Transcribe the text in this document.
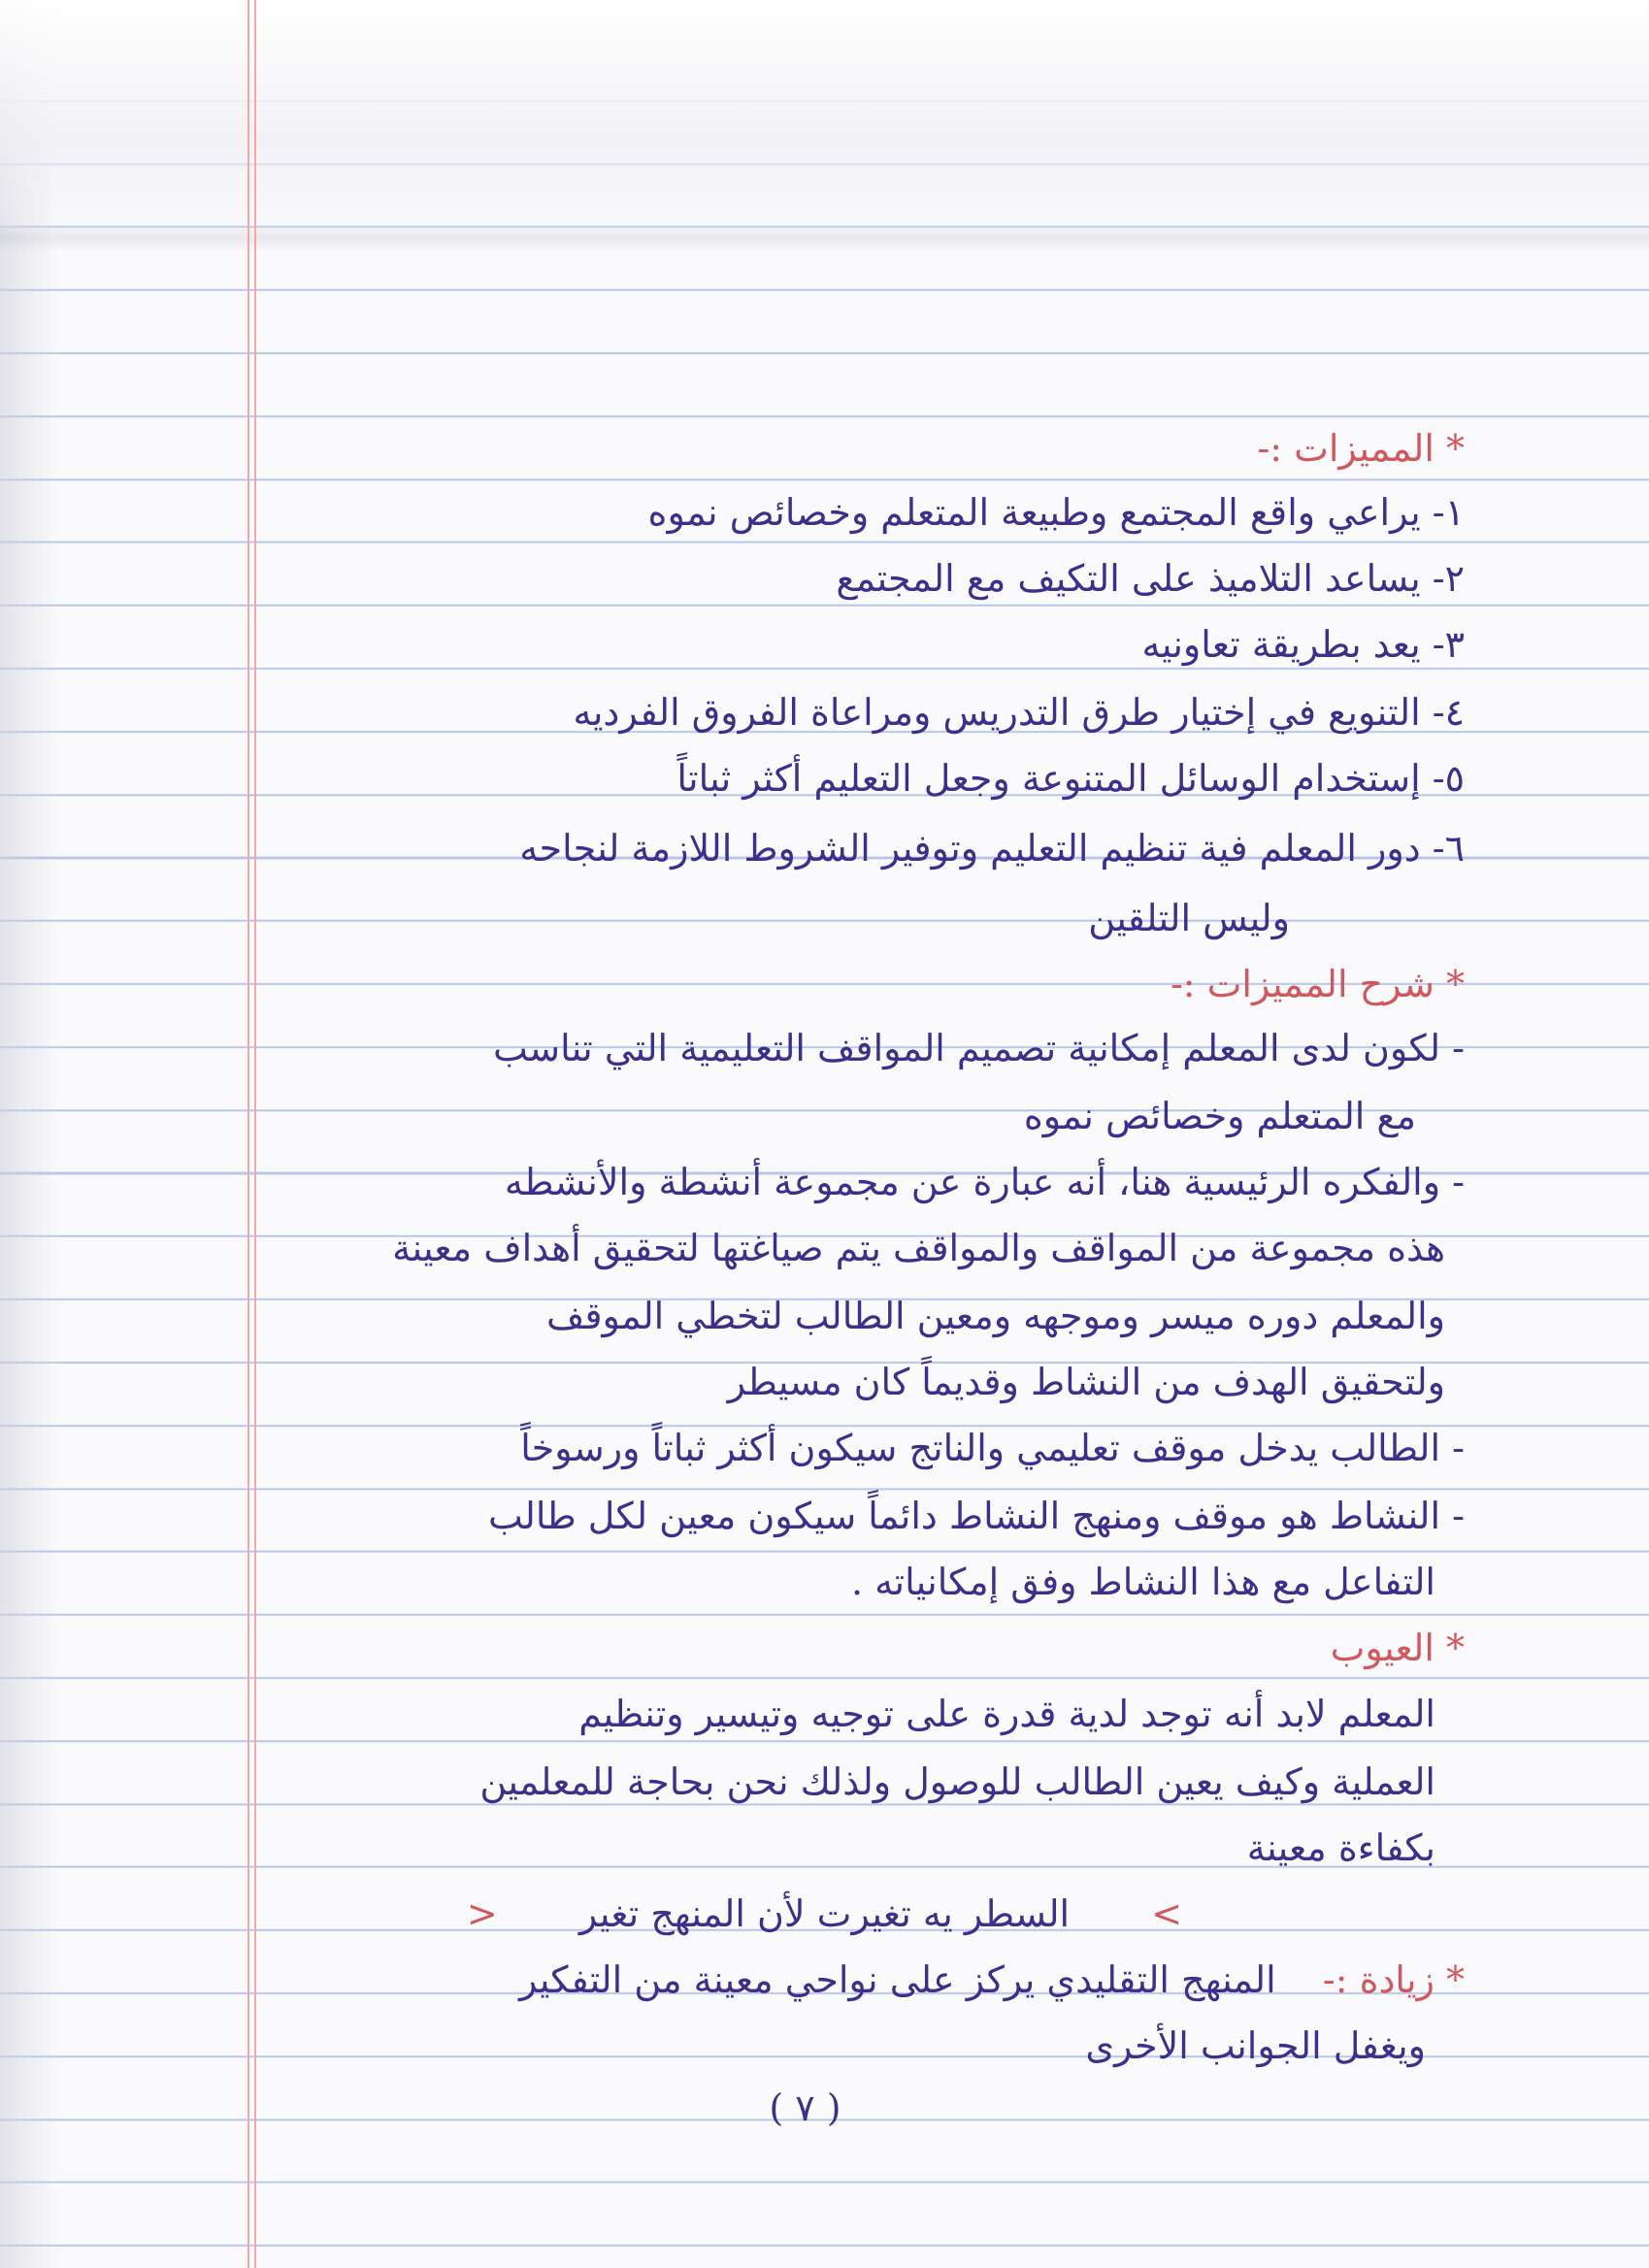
* المميزات :-
١- يراعي واقع المجتمع وطبيعة المتعلم وخصائص نموه
٢- يساعد التلاميذ على التكيف مع المجتمع
٣- يعد بطريقة تعاونيه
٤- التنويع في إختيار طرق التدريس ومراعاة الفروق الفرديه
٥- إستخدام الوسائل المتنوعة وجعل التعليم أكثر ثباتاً
٦- دور المعلم فية تنظيم التعليم وتوفير الشروط اللازمة لنجاحه
وليس التلقين
* شرح المميزات :-
- لكون لدى المعلم إمكانية تصميم المواقف التعليمية التي تناسب
مع المتعلم وخصائص نموه
- والفكره الرئيسية هنا، أنه عبارة عن مجموعة أنشطة والأنشطه
هذه مجموعة من المواقف والمواقف يتم صياغتها لتحقيق أهداف معينة
والمعلم دوره ميسر وموجهه ومعين الطالب لتخطي الموقف
ولتحقيق الهدف من النشاط وقديماً كان مسيطر
- الطالب يدخل موقف تعليمي والناتج سيكون أكثر ثباتاً ورسوخاً
- النشاط هو موقف ومنهج النشاط دائماً سيكون معين لكل طالب
التفاعل مع هذا النشاط وفق إمكانياته .
* العيوب
المعلم لابد أنه توجد لدية قدرة على توجيه وتيسير وتنظيم
العملية وكيف يعين الطالب للوصول ولذلك نحن بحاجة للمعلمين
بكفاءة معينة
>  السطر يه تغيرت لأن المنهج تغير  <
* زيادة :-  المنهج التقليدي يركز على نواحي معينة من التفكير
ويغفل الجوانب الأخرى
( ٧ )
